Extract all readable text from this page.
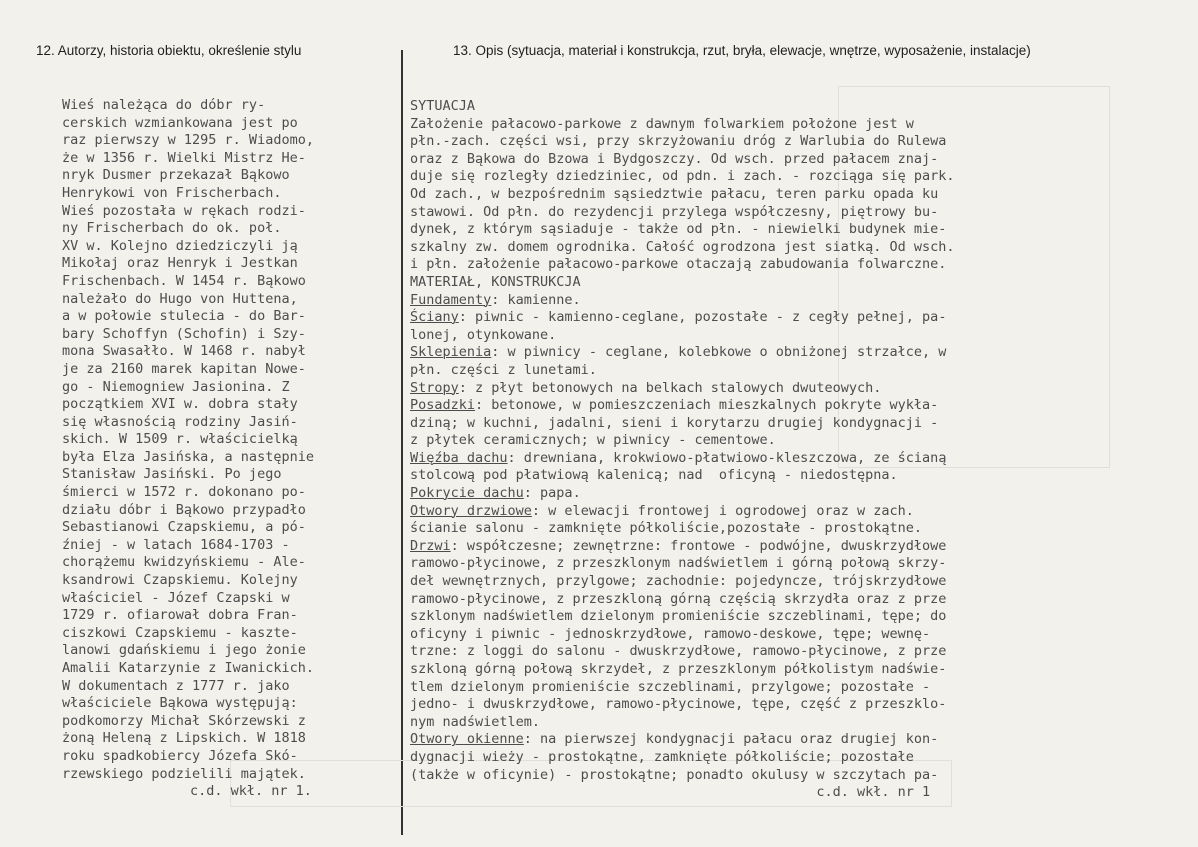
12. Autorzy, historia obiektu, określenie stylu	13. Opis (sytuacja, materiał i konstrukcja, rzut, bryła, elewacje, wnętrze, wyposażenie, instalacje)
Wieś należąca do dóbr ry-
cerskich wzmiankowana jest po
raz pierwszy w 1295 r. Wiadomo,
że w 1356 r. Wielki Mistrz He-
nryk Dusmer przekazał Bąkowo
Henrykowi von Frischerbach.
Wieś pozostała w rękach rodzi-
ny Frischerbach do ok. poł.
XV w. Kolejno dziedziczyli ją
Mikołaj oraz Henryk i Jestkan
Frischenbach. W 1454 r. Bąkowo
należało do Hugo von Huttena,
a w połowie stulecia - do Bar-
bary Schoffyn (Schofin) i Szy-
mona Swasałło. W 1468 r. nabył
je za 2160 marek kapitan Nowe-
go - Niemogniew Jasionina. Z
początkiem XVI w. dobra stały
się własnością rodziny Jasiń-
skich. W 1509 r. właścicielką
była Elza Jasińska, a następnie
Stanisław Jasiński. Po jego
śmierci w 1572 r. dokonano po-
działu dóbr i Bąkowo przypadło
Sebastianowi Czapskiemu, a pó-
źniej - w latach 1684-1703 -
chorążemu kwidzyńskiemu - Ale-
ksandrowi Czapskiemu. Kolejny
właściciel - Józef Czapski w
1729 r. ofiarował dobra Fran-
ciszkowi Czapskiemu - kaszte-
lanowi gdańskiemu i jego żonie
Amalii Katarzynie z Iwanickich.
W dokumentach z 1777 r. jako
właściciele Bąkowa występują:
podkomorzy Michał Skórzewski z
żoną Heleną z Lipskich. W 1818
roku spadkobiercy Józefa Skó-
rzewskiego podzielili majątek.
c.d. wkł. nr 1.
SYTUACJA
Założenie pałacowo-parkowe z dawnym folwarkiem położone jest w
płn.-zach. części wsi, przy skrzyżowaniu dróg z Warlubia do Rulewa
oraz z Bąkowa do Bzowa i Bydgoszczy. Od wsch. przed pałacem znaj-
duje się rozległy dziedziniec, od pdn. i zach. - rozciąga się park.
Od zach., w bezpośrednim sąsiedztwie pałacu, teren parku opada ku
stawowi. Od płn. do rezydencji przylega współczesny, piętrowy bu-
dynek, z którym sąsiaduje - także od płn. - niewielki budynek mie-
szkalny zw. domem ogrodnika. Całość ogrodzona jest siatką. Od wsch.
i płn. założenie pałacowo-parkowe otaczają zabudowania folwarczne.
MATERIAŁ, KONSTRUKCJA
Fundamenty: kamienne.
Ściany: piwnic - kamienno-ceglane, pozostałe - z cegły pełnej, pa-
lonej, otynkowane.
Sklepienia: w piwnicy - ceglane, kolebkowe o obniżonej strzałce, w
płn. części z lunetami.
Stropy: z płyt betonowych na belkach stalowych dwuteowych.
Posadzki: betonowe, w pomieszczeniach mieszkalnych pokryte wykła-
dziną; w kuchni, jadalni, sieni i korytarzu drugiej kondygnacji -
z płytek ceramicznych; w piwnicy - cementowe.
Więźba dachu: drewniana, krokwiowo-płatwiowo-kleszczowa, ze ścianą
stolcową pod płatwiową kalenicą; nad  oficyną - niedostępna.
Pokrycie dachu: papa.
Otwory drzwiowe: w elewacji frontowej i ogrodowej oraz w zach.
ścianie salonu - zamknięte półkoliście,pozostałe - prostokątne.
Drzwi: współczesne; zewnętrzne: frontowe - podwójne, dwuskrzydłowe
ramowo-płycinowe, z przeszklonym nadświetlem i górną połową skrzy-
deł wewnętrznych, przylgowe; zachodnie: pojedyncze, trójskrzydłowe
ramowo-płycinowe, z przeszkloną górną częścią skrzydła oraz z prze
szklonym nadświetlem dzielonym promieniście szczeblinami, tępe; do
oficyny i piwnic - jednoskrzydłowe, ramowo-deskowe, tępe; wewnę-
trzne: z loggi do salonu - dwuskrzydłowe, ramowo-płycinowe, z prze
szkloną górną połową skrzydeł, z przeszklonym półkolistym nadświe-
tlem dzielonym promieniście szczeblinami, przylgowe; pozostałe -
jedno- i dwuskrzydłowe, ramowo-płycinowe, tępe, część z przeszklo-
nym nadświetlem.
Otwory okienne: na pierwszej kondygnacji pałacu oraz drugiej kon-
dygnacji wieży - prostokątne, zamknięte półkoliście; pozostałe
(także w oficynie) - prostokątne; ponadto okulusy w szczytach pa-
c.d. wkł. nr 1
